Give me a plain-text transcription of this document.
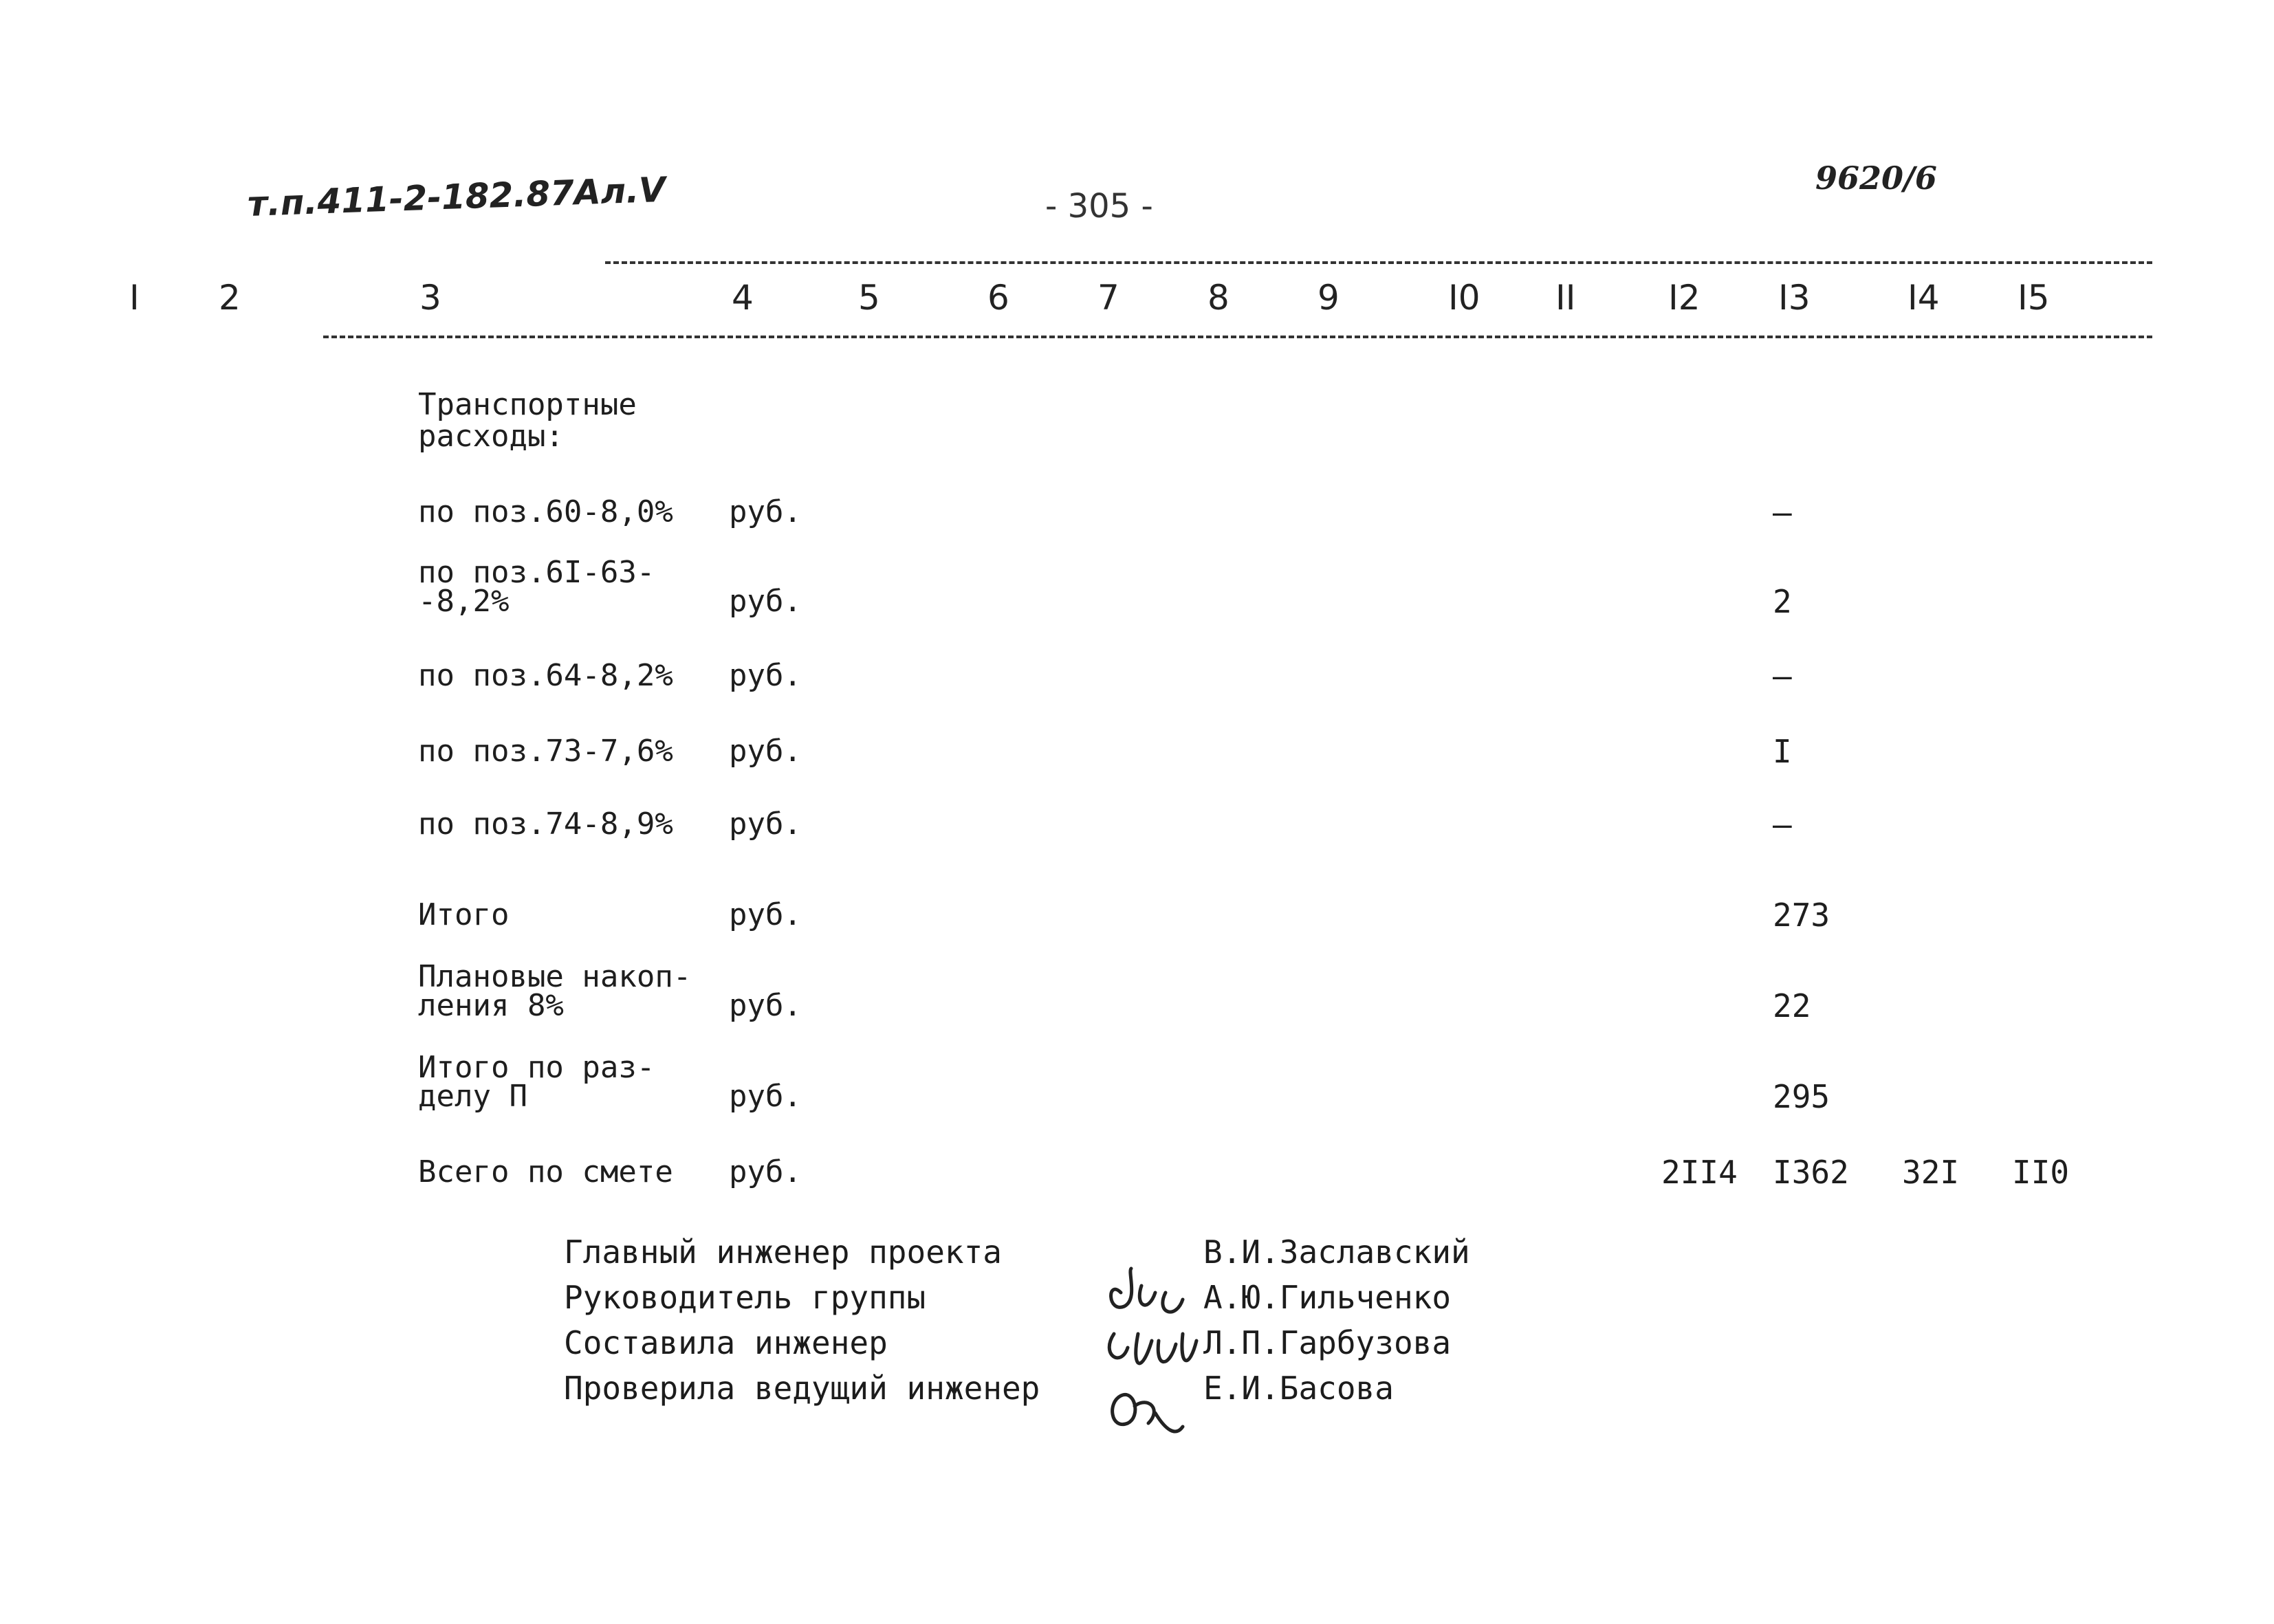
т.п.411-2-182.87Ал.V	- 305 -
9620/6
I 2	3	4	5	6	7	8	9	I0 II	I2 I3	I4 I5
Транспортные расходы:
по поз.60-8,0% руб.	–
по поз.6I-63-
-8,2%	руб.	2
по поз.64-8,2% руб.	–
по поз.73-7,6% руб.	I
по поз.74-8,9% руб.	–
Итого	руб.	273
Плановые накоп-
ления 8%	руб.	22
Итого по раз-
делу П	руб.	295
Всего по смете руб.	2II4 I362 32I II0
Главный инженер проекта
Руководитель группы
Составила инженер
Проверила ведущий инженер
В.И.Заславский
А.Ю.Гильченко
Л.П.Гарбузова
Е.И.Басова
